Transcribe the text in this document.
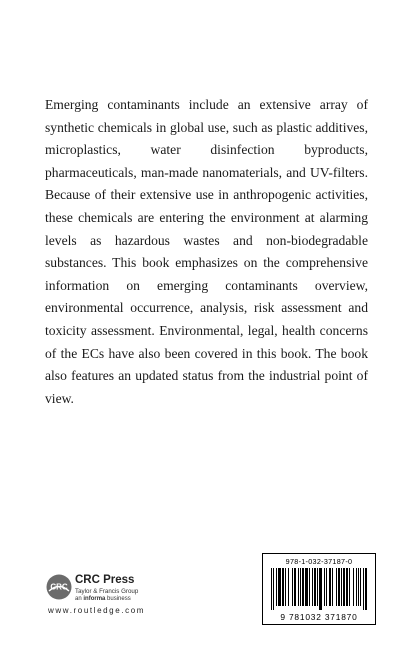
Emerging contaminants include an extensive array of synthetic chemicals in global use, such as plastic additives, microplastics, water disinfection byproducts, pharmaceuticals, man-made nanomaterials, and UV-filters. Because of their extensive use in anthropogenic activities, these chemicals are entering the environment at alarming levels as hazardous wastes and non-biodegradable substances. This book emphasizes on the comprehensive information on emerging contaminants overview, environmental occurrence, analysis, risk assessment and toxicity assessment. Environmental, legal, health concerns of the ECs have also been covered in this book. The book also features an updated status from the industrial point of view.

CRC
CRC Press
Taylor & Francis Group
an informa business
www.routledge.com
978-1-032-37187-0
9 781032 371870
